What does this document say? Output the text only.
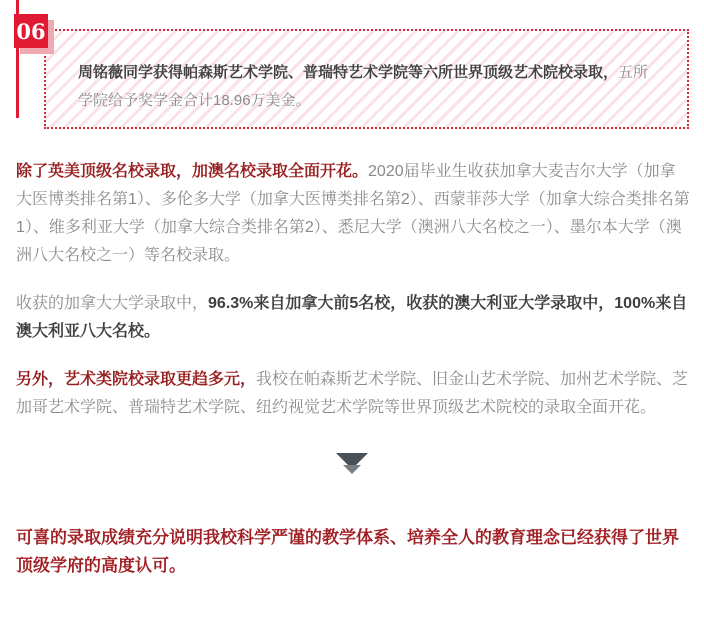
06

周铭薇同学获得帕森斯艺术学院、普瑞特艺术学院等六所世界顶级艺术院校录取，五所学院给予奖学金合计18.96万美金。

除了英美顶级名校录取，加澳名校录取全面开花。2020届毕业生收获加拿大麦吉尔大学（加拿大医博类排名第1）、多伦多大学（加拿大医博类排名第2）、西蒙菲莎大学（加拿大综合类排名第1）、维多利亚大学（加拿大综合类排名第2）、悉尼大学（澳洲八大名校之一）、墨尔本大学（澳洲八大名校之一）等名校录取。

收获的加拿大大学录取中，96.3%来自加拿大前5名校，收获的澳大利亚大学录取中，100%来自澳大利亚八大名校。

另外，艺术类院校录取更趋多元，我校在帕森斯艺术学院、旧金山艺术学院、加州艺术学院、芝加哥艺术学院、普瑞特艺术学院、纽约视觉艺术学院等世界顶级艺术院校的录取全面开花。

可喜的录取成绩充分说明我校科学严谨的教学体系、培养全人的教育理念已经获得了世界顶级学府的高度认可。
